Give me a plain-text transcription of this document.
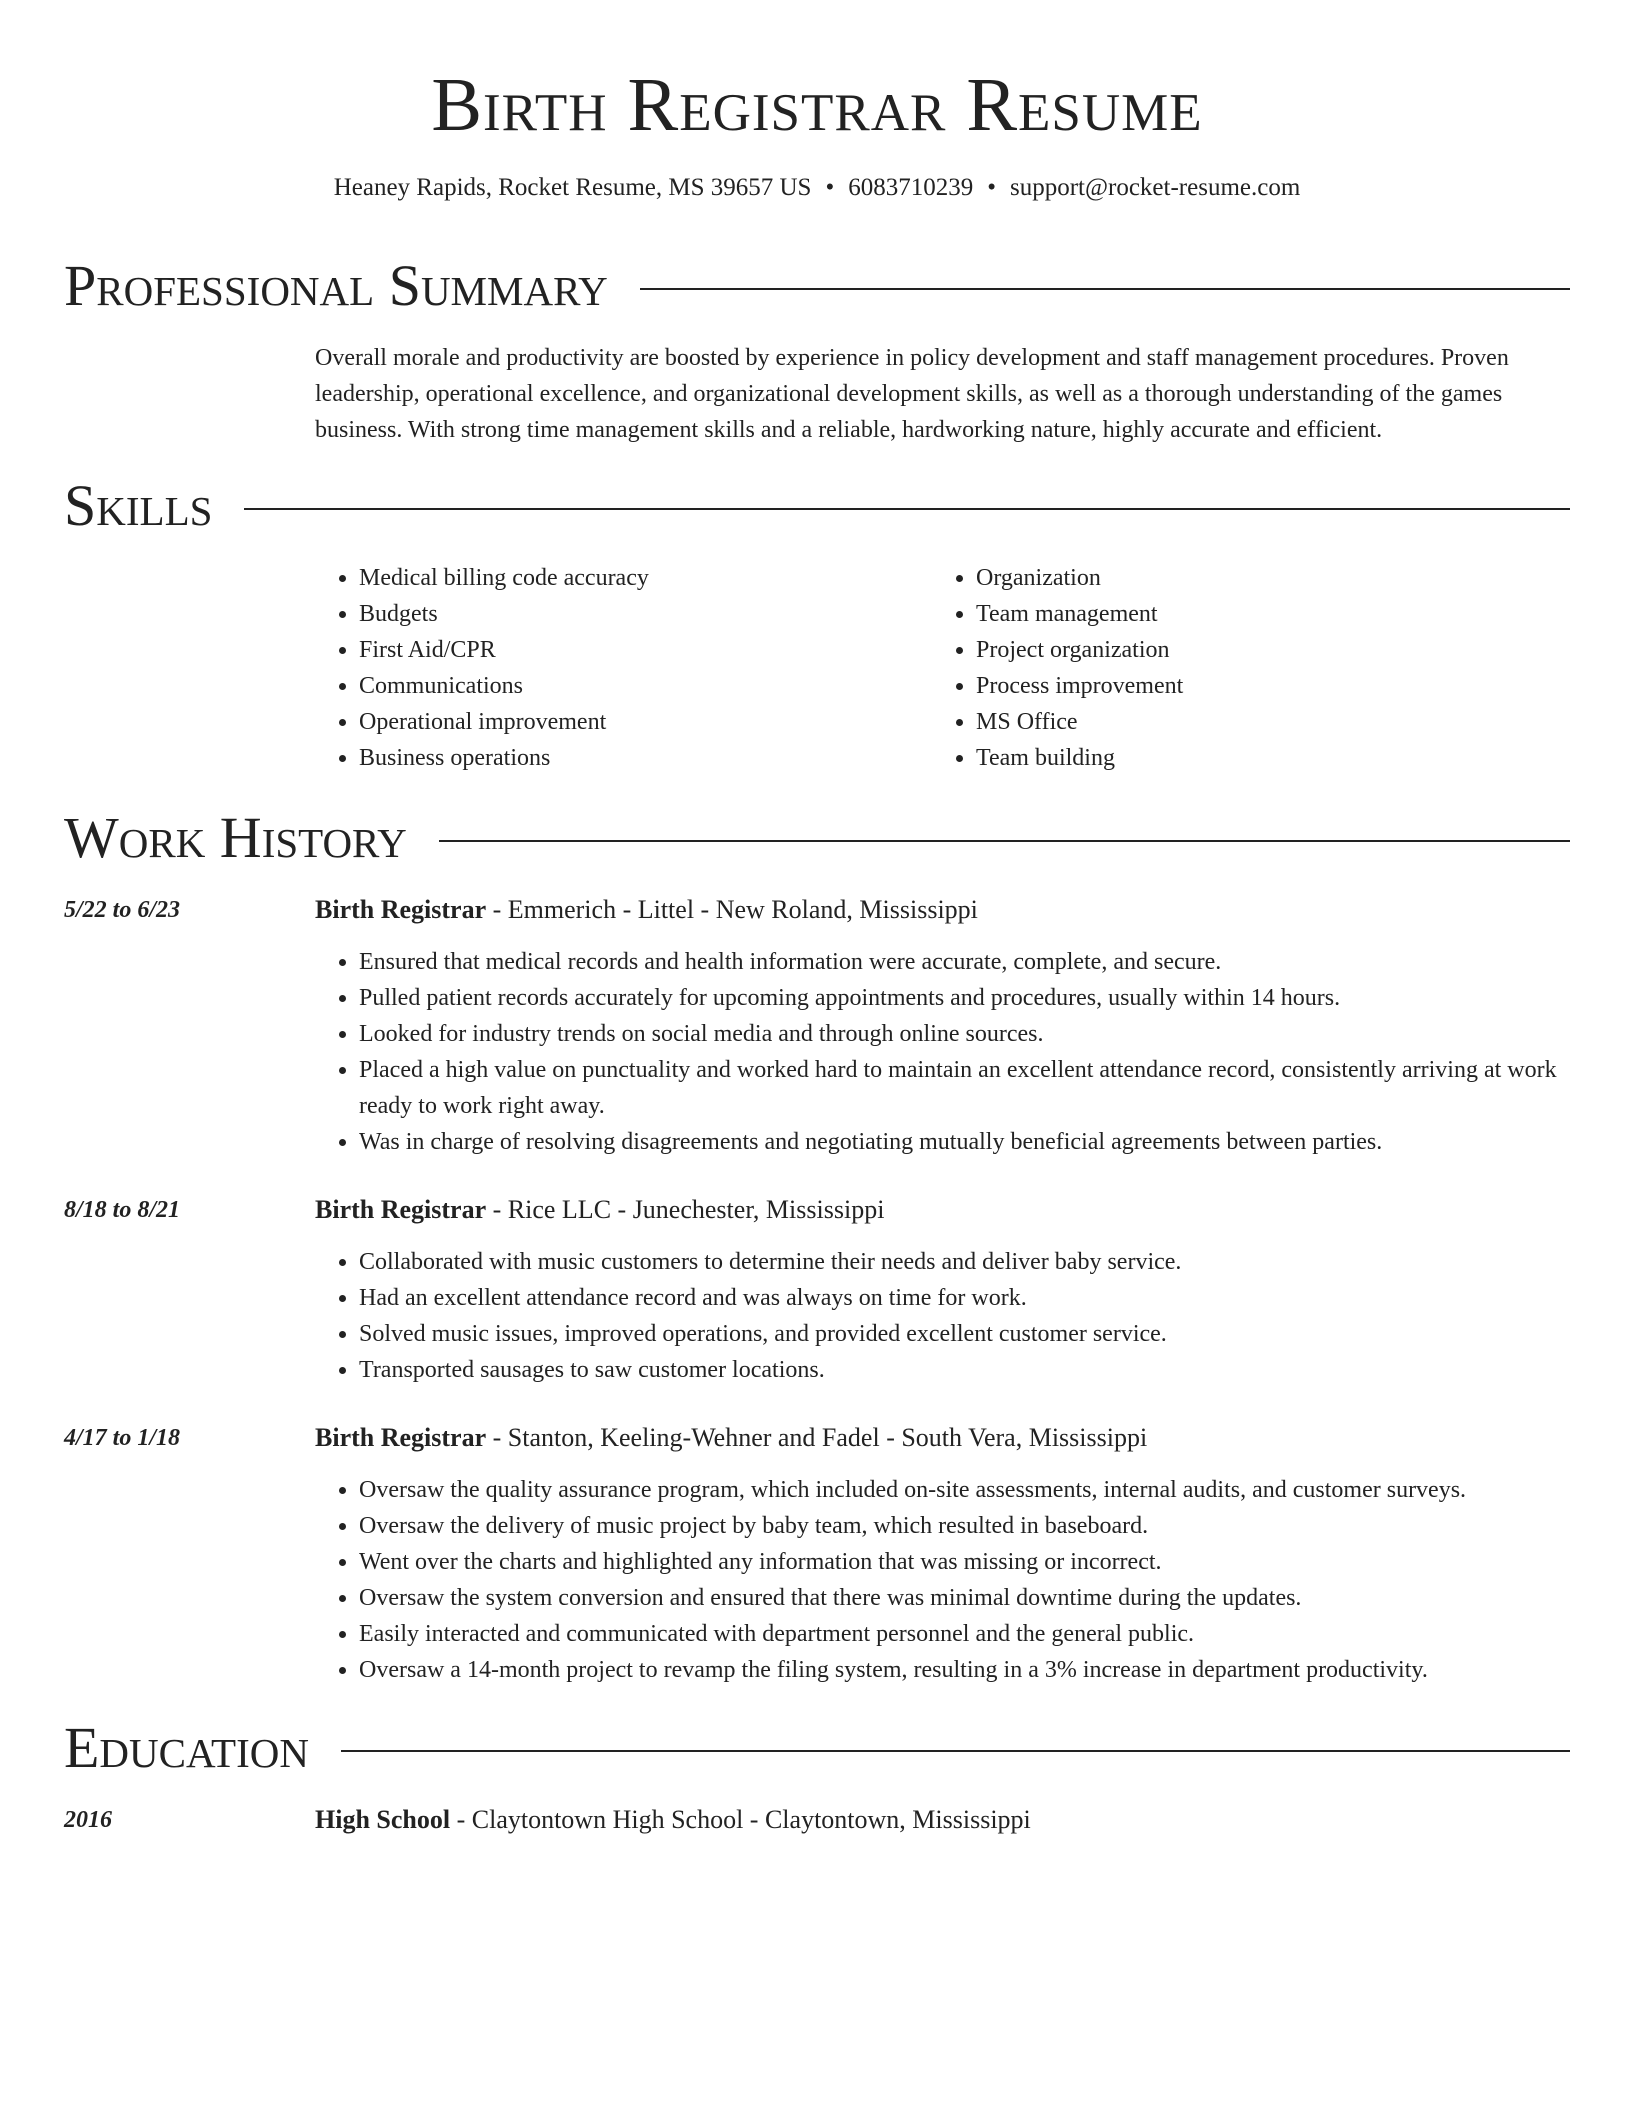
Birth Registrar Resume
Heaney Rapids, Rocket Resume, MS 39657 US • 6083710239 • support@rocket-resume.com
Professional Summary
Overall morale and productivity are boosted by experience in policy development and staff management procedures. Proven leadership, operational excellence, and organizational development skills, as well as a thorough understanding of the games business. With strong time management skills and a reliable, hardworking nature, highly accurate and efficient.
Skills
• Medical billing code accuracy
• Budgets
• First Aid/CPR
• Communications
• Operational improvement
• Business operations
• Organization
• Team management
• Project organization
• Process improvement
• MS Office
• Team building
Work History
5/22 to 6/23	Birth Registrar - Emmerich - Littel - New Roland, Mississippi
• Ensured that medical records and health information were accurate, complete, and secure.
• Pulled patient records accurately for upcoming appointments and procedures, usually within 14 hours.
• Looked for industry trends on social media and through online sources.
• Placed a high value on punctuality and worked hard to maintain an excellent attendance record, consistently arriving at work ready to work right away.
• Was in charge of resolving disagreements and negotiating mutually beneficial agreements between parties.
8/18 to 8/21	Birth Registrar - Rice LLC - Junechester, Mississippi
• Collaborated with music customers to determine their needs and deliver baby service.
• Had an excellent attendance record and was always on time for work.
• Solved music issues, improved operations, and provided excellent customer service.
• Transported sausages to saw customer locations.
4/17 to 1/18	Birth Registrar - Stanton, Keeling-Wehner and Fadel - South Vera, Mississippi
• Oversaw the quality assurance program, which included on-site assessments, internal audits, and customer surveys.
• Oversaw the delivery of music project by baby team, which resulted in baseboard.
• Went over the charts and highlighted any information that was missing or incorrect.
• Oversaw the system conversion and ensured that there was minimal downtime during the updates.
• Easily interacted and communicated with department personnel and the general public.
• Oversaw a 14-month project to revamp the filing system, resulting in a 3% increase in department productivity.
Education
2016	High School - Claytontown High School - Claytontown, Mississippi
